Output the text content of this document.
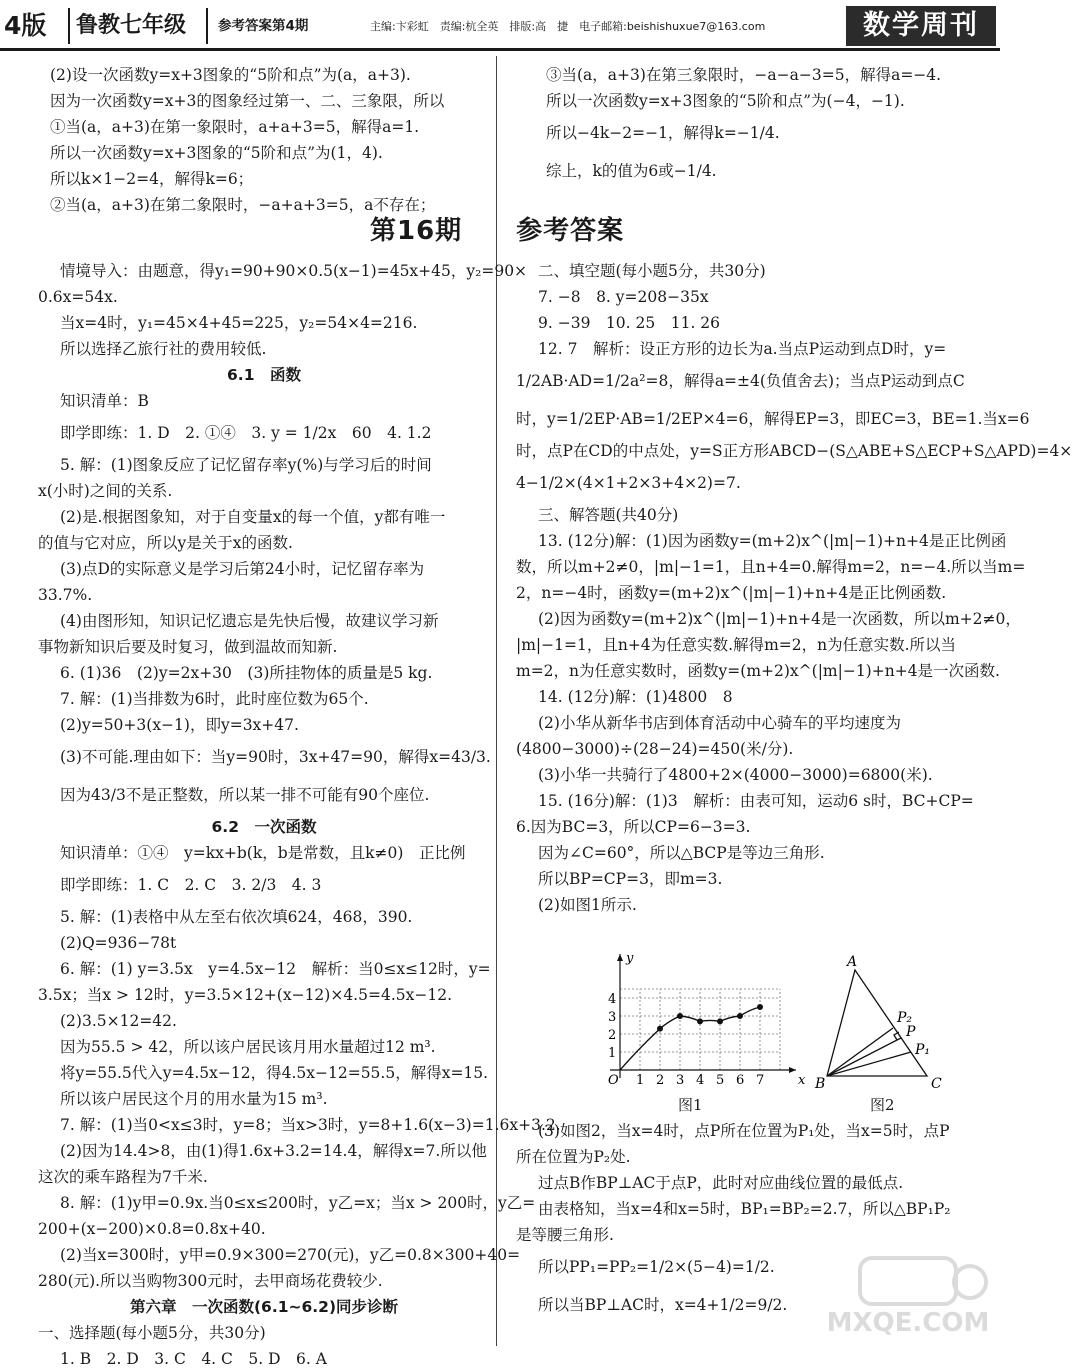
4版	鲁教七年级 参考答案第4期	主编:卞彩虹　责编:杭全英　排版:高　捷　电子邮箱:beishishuxue7@163.com	数学周刊
(2)设一次函数y=x+3图象的“5阶和点”为(a，a+3).
因为一次函数y=x+3的图象经过第一、二、三象限，所以
①当(a，a+3)在第一象限时，a+a+3=5，解得a=1.
所以一次函数y=x+3图象的“5阶和点”为(1，4).
所以k×1−2=4，解得k=6；
②当(a，a+3)在第二象限时，−a+a+3=5，a不存在；
③当(a，a+3)在第三象限时，−a−a−3=5，解得a=−4.
所以一次函数y=x+3图象的“5阶和点”为(−4，−1).
所以−4k−2=−1，解得k=−1/4.
综上，k的值为6或−1/4.
第16期　　参考答案
情境导入：由题意，得y₁=90+90×0.5(x−1)=45x+45，y₂=90×
0.6x=54x.
当x=4时，y₁=45×4+45=225，y₂=54×4=216.
所以选择乙旅行社的费用较低.
6.1　函数
知识清单：B
即学即练：1. D　2. ①④　3. y = 1/2x　60　4. 1.2
5. 解：(1)图象反应了记忆留存率y(%)与学习后的时间
x(小时)之间的关系.
(2)是.根据图象知，对于自变量x的每一个值，y都有唯一
的值与它对应，所以y是关于x的函数.
(3)点D的实际意义是学习后第24小时，记忆留存率为
33.7%.
(4)由图形知，知识记忆遗忘是先快后慢，故建议学习新
事物新知识后要及时复习，做到温故而知新.
6. (1)36　(2)y=2x+30　(3)所挂物体的质量是5 kg.
7. 解：(1)当排数为6时，此时座位数为65个.
(2)y=50+3(x−1)，即y=3x+47.
(3)不可能.理由如下：当y=90时，3x+47=90，解得x=43/3.
因为43/3不是正整数，所以某一排不可能有90个座位.
6.2　一次函数
知识清单：①④　y=kx+b(k，b是常数，且k≠0)　正比例
即学即练：1. C　2. C　3. 2/3　4. 3
5. 解：(1)表格中从左至右依次填624，468，390.
(2)Q=936−78t
6. 解：(1) y=3.5x　y=4.5x−12　解析：当0≤x≤12时，y=
3.5x；当x > 12时，y=3.5×12+(x−12)×4.5=4.5x−12.
(2)3.5×12=42.
因为55.5 > 42，所以该户居民该月用水量超过12 m³.
将y=55.5代入y=4.5x−12，得4.5x−12=55.5，解得x=15.
所以该户居民这个月的用水量为15 m³.
7. 解：(1)当0<x≤3时，y=8；当x>3时，y=8+1.6(x−3)=1.6x+3.2.
(2)因为14.4>8，由(1)得1.6x+3.2=14.4，解得x=7.所以他
这次的乘车路程为7千米.
8. 解：(1)y甲=0.9x.当0≤x≤200时，y乙=x；当x > 200时，y乙=
200+(x−200)×0.8=0.8x+40.
(2)当x=300时，y甲=0.9×300=270(元)，y乙=0.8×300+40=
280(元).所以当购物300元时，去甲商场花费较少.
第六章　一次函数(6.1~6.2)同步诊断
一、选择题(每小题5分，共30分)
1. B　2. D　3. C　4. C　5. D　6. A
二、填空题(每小题5分，共30分)
7. −8　8. y=208−35x
9. −39　10. 25　11. 26
12. 7　解析：设正方形的边长为a.当点P运动到点D时，y=
1/2AB·AD=1/2a²=8，解得a=±4(负值舍去)；当点P运动到点C
时，y=1/2EP·AB=1/2EP×4=6，解得EP=3，即EC=3，BE=1.当x=6
时，点P在CD的中点处，y=S正方形ABCD−(S△ABE+S△ECP+S△APD)=4×
4−1/2×(4×1+2×3+4×2)=7.
三、解答题(共40分)
13. (12分)解：(1)因为函数y=(m+2)x^(|m|−1)+n+4是正比例函
数，所以m+2≠0，|m|−1=1，且n+4=0.解得m=2，n=−4.所以当m=
2，n=−4时，函数y=(m+2)x^(|m|−1)+n+4是正比例函数.
(2)因为函数y=(m+2)x^(|m|−1)+n+4是一次函数，所以m+2≠0，
|m|−1=1，且n+4为任意实数.解得m=2，n为任意实数.所以当
m=2，n为任意实数时，函数y=(m+2)x^(|m|−1)+n+4是一次函数.
14. (12分)解：(1)4800　8
(2)小华从新华书店到体育活动中心骑车的平均速度为
(4800−3000)÷(28−24)=450(米/分).
(3)小华一共骑行了4800+2×(4000−3000)=6800(米).
15. (16分)解：(1)3　解析：由表可知，运动6 s时，BC+CP=
6.因为BC=3，所以CP=6−3=3.
因为∠C=60°，所以△BCP是等边三角形.
所以BP=CP=3，即m=3.
(2)如图1所示.
x
y
O 1 2 3 4 5 6 7
1
2
3
4
A
B	C
P
P₁
P₂
图1	图2
(3)如图2，当x=4时，点P所在位置为P₁处，当x=5时，点P
所在位置为P₂处.
过点B作BP⊥AC于点P，此时对应曲线位置的最低点.
由表格知，当x=4和x=5时，BP₁=BP₂=2.7，所以△BP₁P₂
是等腰三角形.
所以PP₁=PP₂=1/2×(5−4)=1/2.
所以当BP⊥AC时，x=4+1/2=9/2.
MXQE.COM
